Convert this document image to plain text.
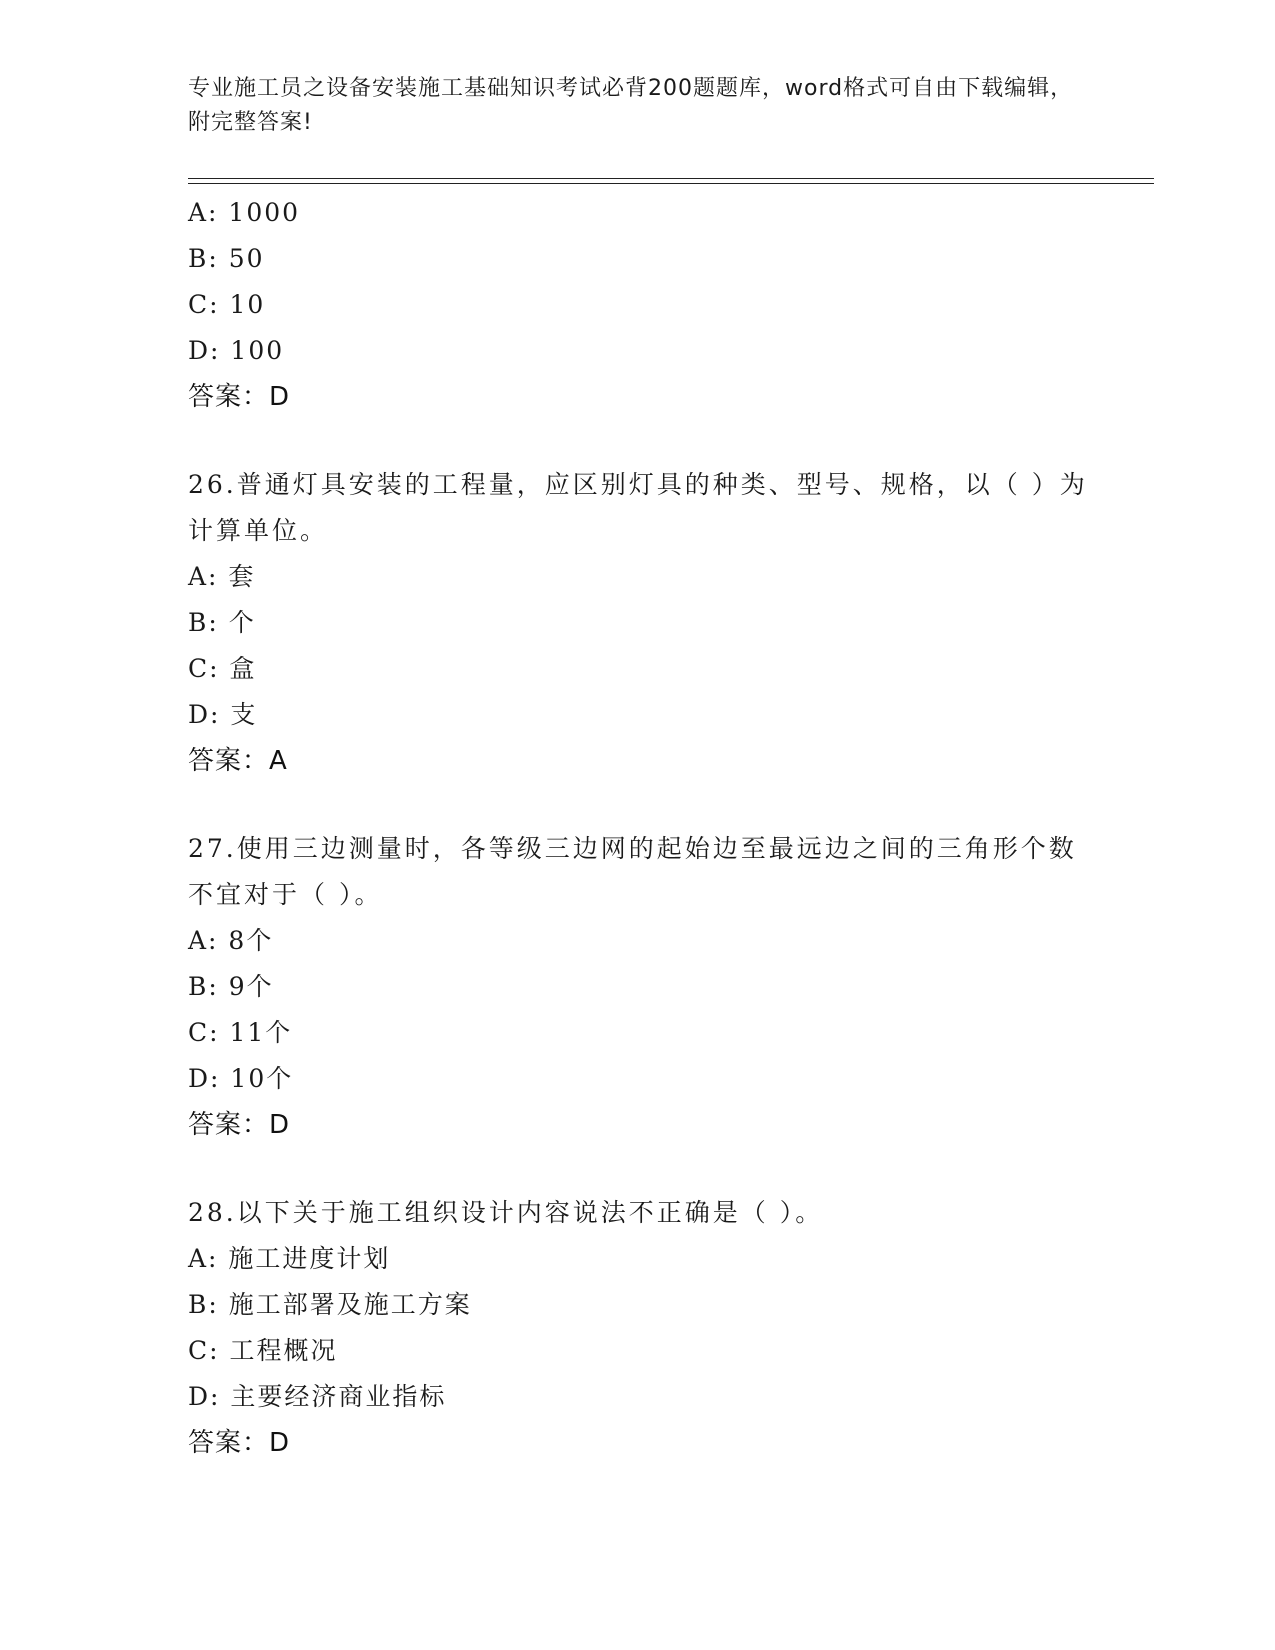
专业施工员之设备安装施工基础知识考试必背200题题库，word格式可自由下载编辑，附完整答案!
A: 1000
B: 50
C: 10
D: 100
答案：D
26.普通灯具安装的工程量，应区别灯具的种类、型号、规格，以（ ）为计算单位。
A: 套
B: 个
C: 盒
D: 支
答案：A
27.使用三边测量时，各等级三边网的起始边至最远边之间的三角形个数不宜对于（ ）。
A: 8个
B: 9个
C: 11个
D: 10个
答案：D
28.以下关于施工组织设计内容说法不正确是（ ）。
A: 施工进度计划
B: 施工部署及施工方案
C: 工程概况
D: 主要经济商业指标
答案：D
